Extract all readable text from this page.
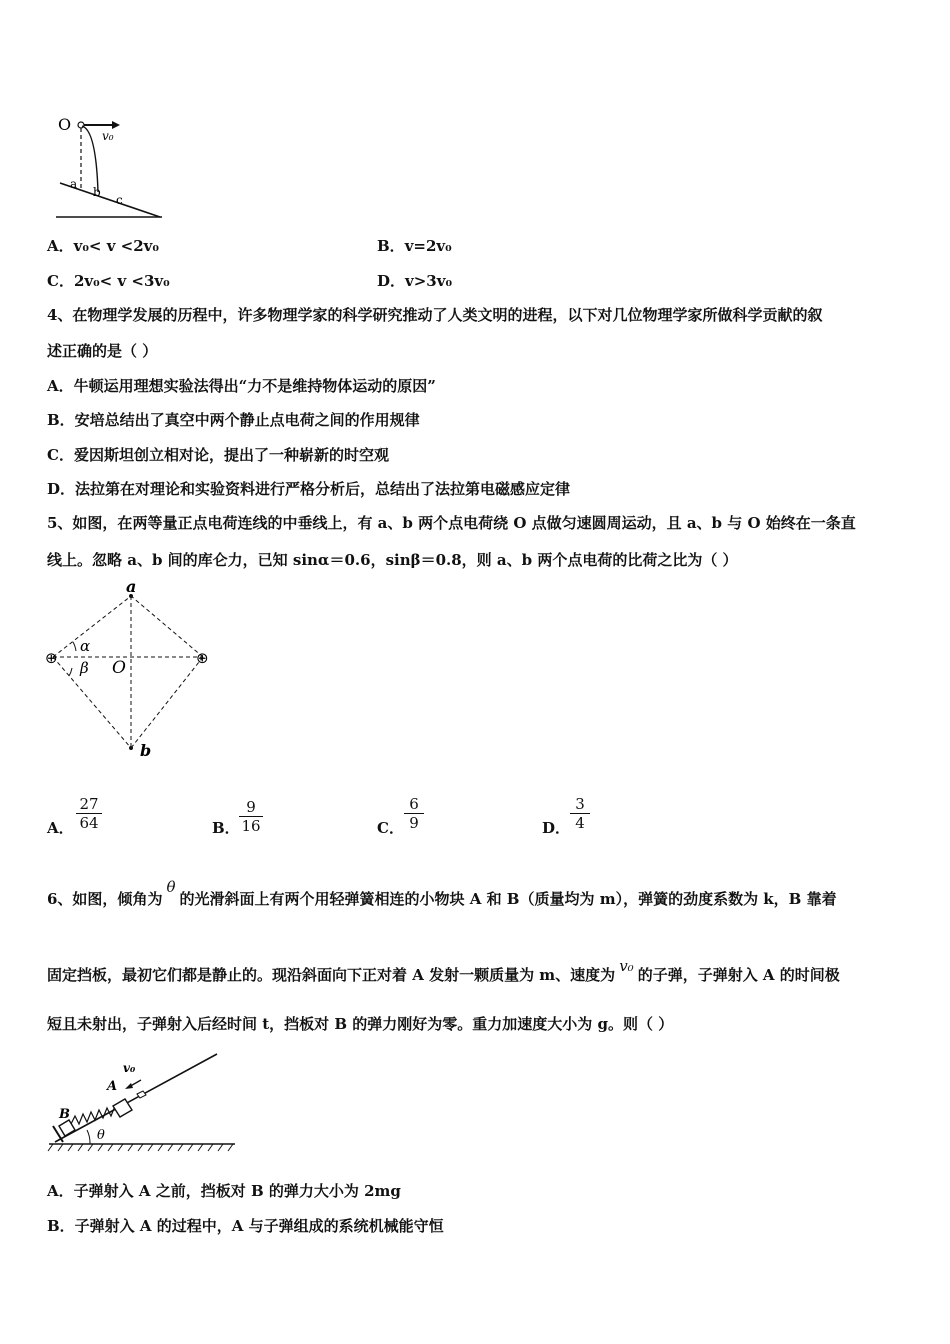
O
v₀
a
b
c
A．v₀< v <2v₀	B．v=2v₀
C．2v₀< v <3v₀	D．v>3v₀
4、在物理学发展的历程中，许多物理学家的科学研究推动了人类文明的进程，以下对几位物理学家所做科学贡献的叙
述正确的是（ ）
A．牛顿运用理想实验法得出“力不是维持物体运动的原因”
B．安培总结出了真空中两个静止点电荷之间的作用规律
C．爱因斯坦创立相对论，提出了一种崭新的时空观
D．法拉第在对理论和实验资料进行严格分析后，总结出了法拉第电磁感应定律
5、如图，在两等量正点电荷连线的中垂线上，有 a、b 两个点电荷绕 O 点做匀速圆周运动，且 a、b 与 O 始终在一条直
线上。忽略 a、b 间的库仑力，已知 sinα＝0.6，sinβ＝0.8，则 a、b 两个点电荷的比荷之比为（ ）
α
β
⊕	⊕
a
b
O
A． $\frac{27}{64}$	B． $\frac{9}{16}$	C． $\frac{6}{9}$	D． $\frac{3}{4}$
6、如图，倾角为θ的光滑斜面上有两个用轻弹簧相连的小物块 A 和 B（质量均为 m），弹簧的劲度系数为 k，B 靠着
固定挡板，最初它们都是静止的。现沿斜面向下正对着 A 发射一颗质量为 m、速度为 v₀ 的子弹，子弹射入 A 的时间极
短且未射出，子弹射入后经时间 t，挡板对 B 的弹力刚好为零。重力加速度大小为 g。则（ ）
v₀
A
B
θ
A．子弹射入 A 之前，挡板对 B 的弹力大小为 2mg
B．子弹射入 A 的过程中，A 与子弹组成的系统机械能守恒
